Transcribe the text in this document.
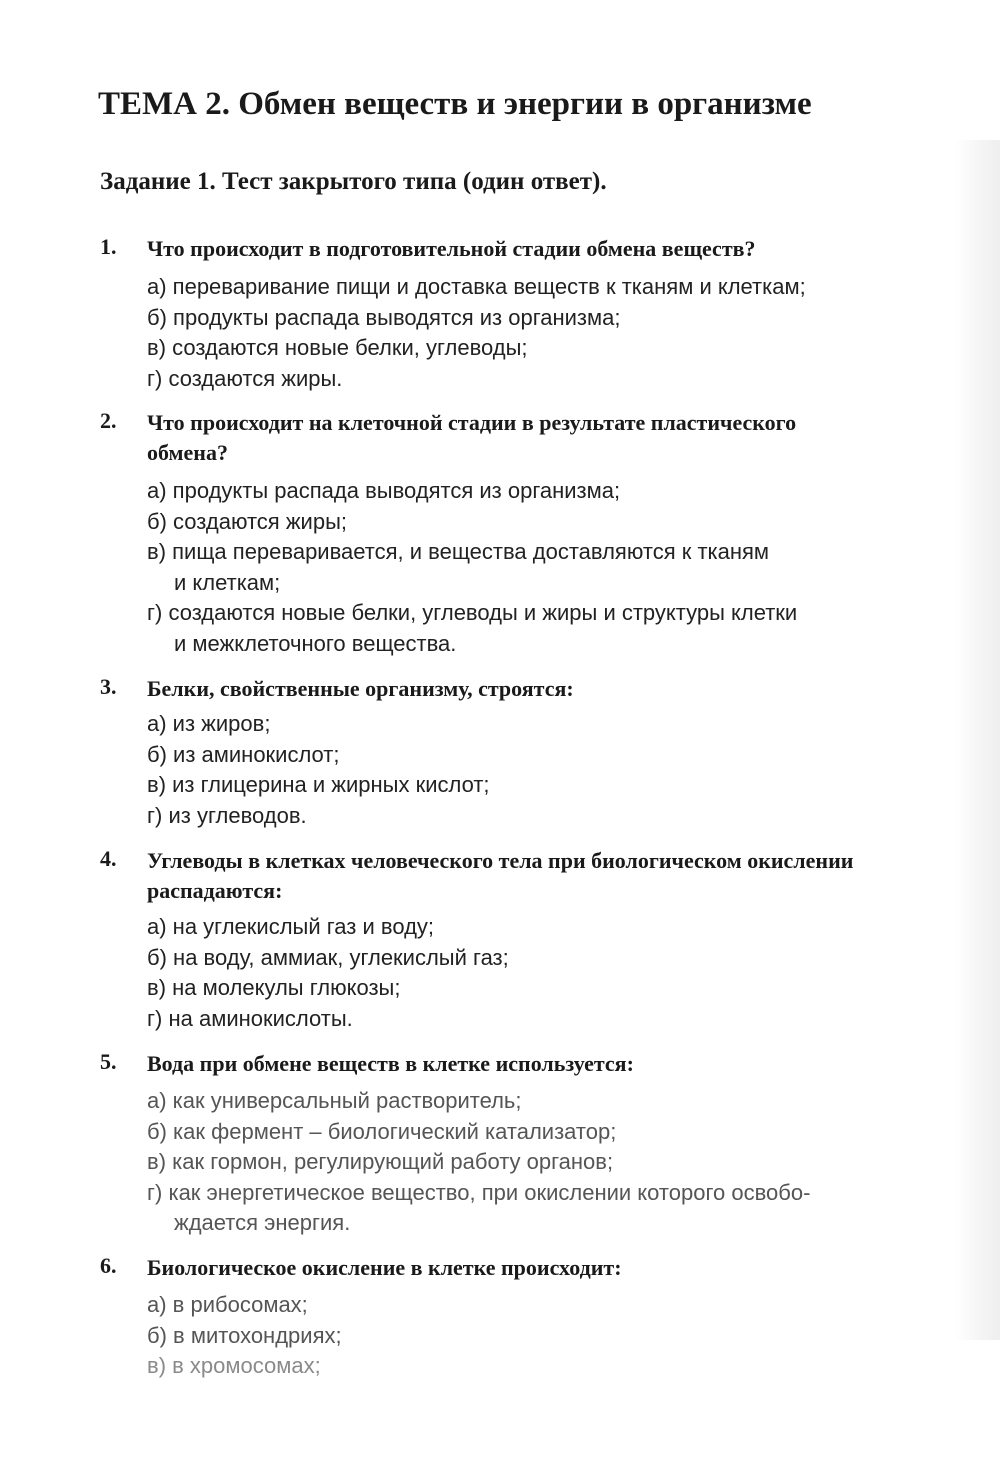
ТЕМА 2. Обмен веществ и энергии в организме
Задание 1. Тест закрытого типа (один ответ).
1. Что происходит в подготовительной стадии обмена веществ?
а) переваривание пищи и доставка веществ к тканям и клеткам;
б) продукты распада выводятся из организма;
в) создаются новые белки, углеводы;
г) создаются жиры.
2. Что происходит на клеточной стадии в результате пластического
обмена?
а) продукты распада выводятся из организма;
б) создаются жиры;
в) пища переваривается, и вещества доставляются к тканям
и клеткам;
г) создаются новые белки, углеводы и жиры и структуры клетки
и межклеточного вещества.
3. Белки, свойственные организму, строятся:
а) из жиров;
б) из аминокислот;
в) из глицерина и жирных кислот;
г) из углеводов.
4. Углеводы в клетках человеческого тела при биологическом окислении
распадаются:
а) на углекислый газ и воду;
б) на воду, аммиак, углекислый газ;
в) на молекулы глюкозы;
г) на аминокислоты.
5. Вода при обмене веществ в клетке используется:
а) как универсальный растворитель;
б) как фермент – биологический катализатор;
в) как гормон, регулирующий работу органов;
г) как энергетическое вещество, при окислении которого освобо-
ждается энергия.
6. Биологическое окисление в клетке происходит:
а) в рибосомах;
б) в митохондриях;
в) в хромосомах;
